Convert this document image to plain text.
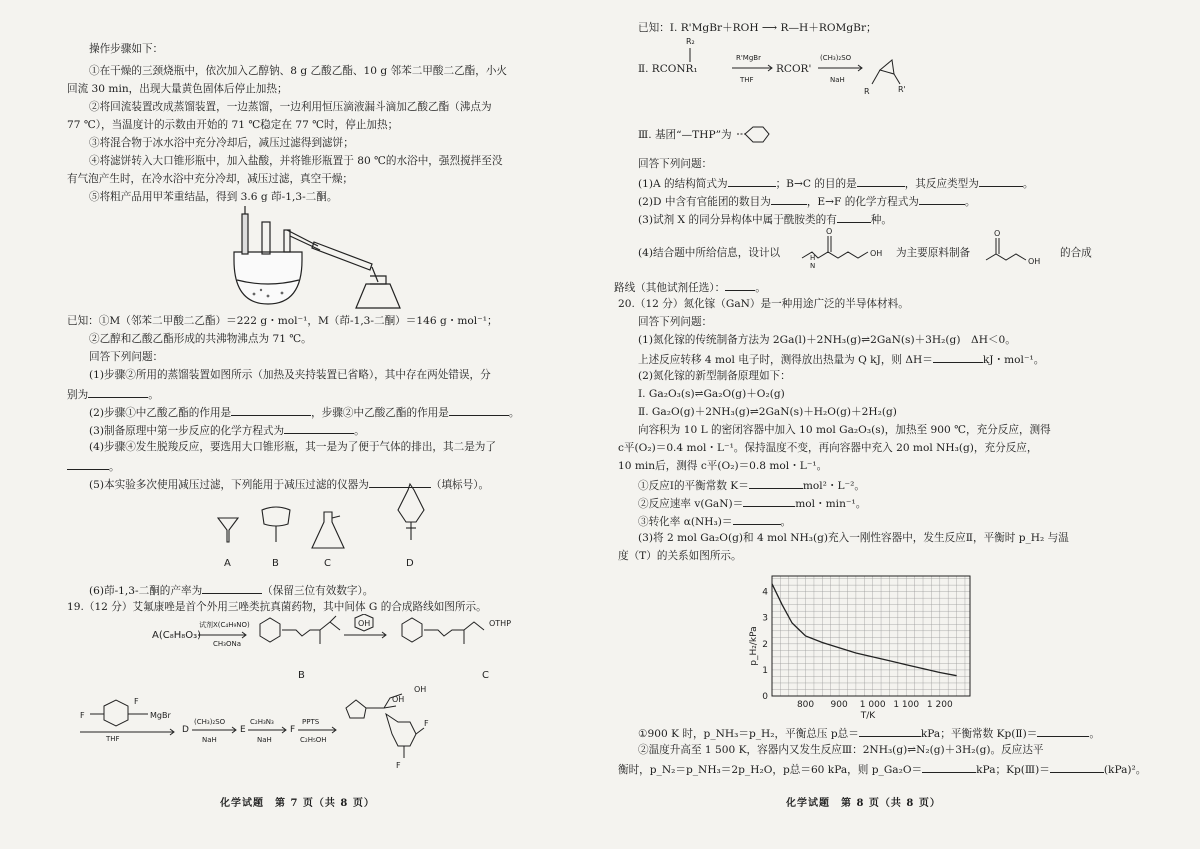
操作步骤如下：
①在干燥的三颈烧瓶中，依次加入乙醇钠、8 g 乙酸乙酯、10 g 邻苯二甲酸二乙酯，小火
回流 30 min，出现大量黄色固体后停止加热；
②将回流装置改成蒸馏装置，一边蒸馏，一边利用恒压滴液漏斗滴加乙酸乙酯（沸点为
77 ℃），当温度计的示数由开始的 71 ℃稳定在 77 ℃时，停止加热；
③将混合物于冰水浴中充分冷却后，减压过滤得到滤饼；
④将滤饼转入大口锥形瓶中，加入盐酸，并将锥形瓶置于 80 ℃的水浴中，强烈搅拌至没
有气泡产生时，在冷水浴中充分冷却，减压过滤，真空干燥；
⑤将粗产品用甲苯重结晶，得到 3.6 g 茚-1,3-二酮。
已知：①M（邻苯二甲酸二乙酯）＝222 g・mol⁻¹，M（茚-1,3-二酮）＝146 g・mol⁻¹；
②乙醇和乙酸乙酯形成的共沸物沸点为 71 ℃。
回答下列问题：
(1)步骤②所用的蒸馏装置如图所示（加热及夹持装置已省略），其中存在两处错误，分
别为	。
(2)步骤①中乙酸乙酯的作用是	，步骤②中乙酸乙酯的作用是	。
(3)制备原理中第一步反应的化学方程式为	。
(4)步骤④发生脱羧反应，要选用大口锥形瓶，其一是为了便于气体的排出，其二是为了
。
(5)本实验多次使用减压过滤，下列能用于减压过滤的仪器为	（填标号）。
A	B	C	D
(6)茚-1,3-二酮的产率为	（保留三位有效数字）。
19.（12 分）艾氟康唑是首个外用三唑类抗真菌药物，其中间体 G 的合成路线如图所示。
A(C₈H₈O₃)
试剂X(C₄H₉NO)
CH₃ONa
B
OH	OTHP
C
F
F	MgBr
THF
D
(CH₃)₂SO
NaH
E
C₂H₃N₃
NaH
F
PPTS
C₂H₅OH
OH
OH
F
F
化学试题　第 7 页（共 8 页）
已知：Ⅰ. R'MgBr＋ROH ⟶ R—H＋ROMgBr；
R₂
Ⅱ. RCONR₁
R'MgBr
THF
RCOR'
(CH₃)₂SO
NaH
R	R'
Ⅲ. 基团“—THP”为
回答下列问题：
(1)A 的结构简式为	；B→C 的目的是	，其反应类型为	。
(2)D 中含有官能团的数目为	，E→F 的化学方程式为	。
(3)试剂 X 的同分异构体中属于酰胺类的有	种。
(4)结合题中所给信息，设计以
O
N
H	OH 为主要原料制备
O
OH
的合成
路线（其他试剂任选）：	。
20.（12 分）氮化镓（GaN）是一种用途广泛的半导体材料。
回答下列问题：
(1)氮化镓的传统制备方法为 2Ga(l)＋2NH₃(g)⇌2GaN(s)＋3H₂(g)　ΔH＜0。
上述反应转移 4 mol 电子时，测得放出热量为 Q kJ，则 ΔH＝	kJ・mol⁻¹。
(2)氮化镓的新型制备原理如下：
Ⅰ. Ga₂O₃(s)⇌Ga₂O(g)＋O₂(g)
Ⅱ. Ga₂O(g)＋2NH₃(g)⇌2GaN(s)＋H₂O(g)＋2H₂(g)
向容积为 10 L 的密闭容器中加入 10 mol Ga₂O₃(s)，加热至 900 ℃，充分反应，测得
c平(O₂)＝0.4 mol・L⁻¹。保持温度不变，再向容器中充入 20 mol NH₃(g)，充分反应，
10 min后，测得 c平(O₂)＝0.8 mol・L⁻¹。
①反应Ⅰ的平衡常数 K＝	mol²・L⁻²。
②反应速率 v(GaN)＝	mol・min⁻¹。
③转化率 α(NH₃)＝	。
(3)将 2 mol Ga₂O(g)和 4 mol NH₃(g)充入一刚性容器中，发生反应Ⅱ，平衡时 p_H₂ 与温
度（T）的关系如图所示。
800 900 1 000 1 100 1 200
0
1
2
3
4
p_H₂/kPa
T/K
①900 K 时，p_NH₃＝p_H₂，平衡总压 p总＝	kPa；平衡常数 Kp(Ⅱ)＝	。
②温度升高至 1 500 K，容器内又发生反应Ⅲ：2NH₃(g)⇌N₂(g)＋3H₂(g)。反应达平
衡时，p_N₂＝p_NH₃＝2p_H₂O，p总＝60 kPa，则 p_Ga₂O＝	kPa；Kp(Ⅲ)＝	(kPa)²。
化学试题　第 8 页（共 8 页）
